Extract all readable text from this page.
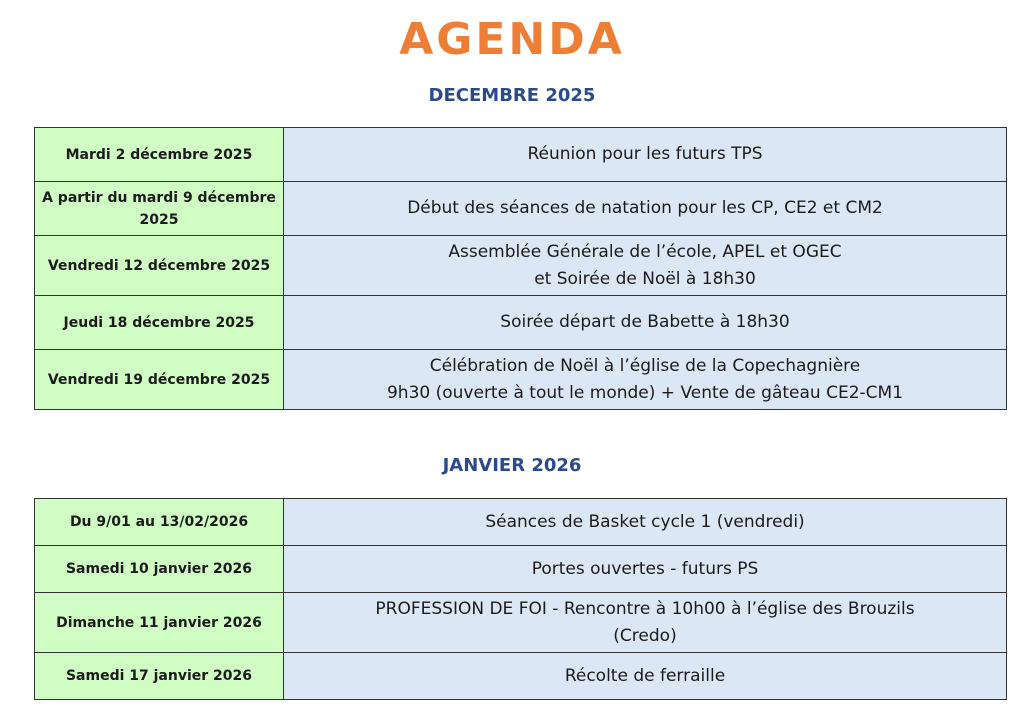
AGENDA
DECEMBRE 2025
Mardi 2 décembre 2025	Réunion pour les futurs TPS
A partir du mardi 9 décembre 2025	Début des séances de natation pour les CP, CE2 et CM2
Vendredi 12 décembre 2025	Assemblée Générale de l’école, APEL et OGEC
et Soirée de Noël à 18h30
Jeudi 18 décembre 2025	Soirée départ de Babette à 18h30
Vendredi 19 décembre 2025	Célébration de Noël à l’église de la Copechagnière
9h30 (ouverte à tout le monde) + Vente de gâteau CE2-CM1
JANVIER 2026
Du 9/01 au 13/02/2026	Séances de Basket cycle 1 (vendredi)
Samedi 10 janvier 2026	Portes ouvertes - futurs PS
Dimanche 11 janvier 2026	PROFESSION DE FOI - Rencontre à 10h00 à l’église des Brouzils
(Credo)
Samedi 17 janvier 2026	Récolte de ferraille
